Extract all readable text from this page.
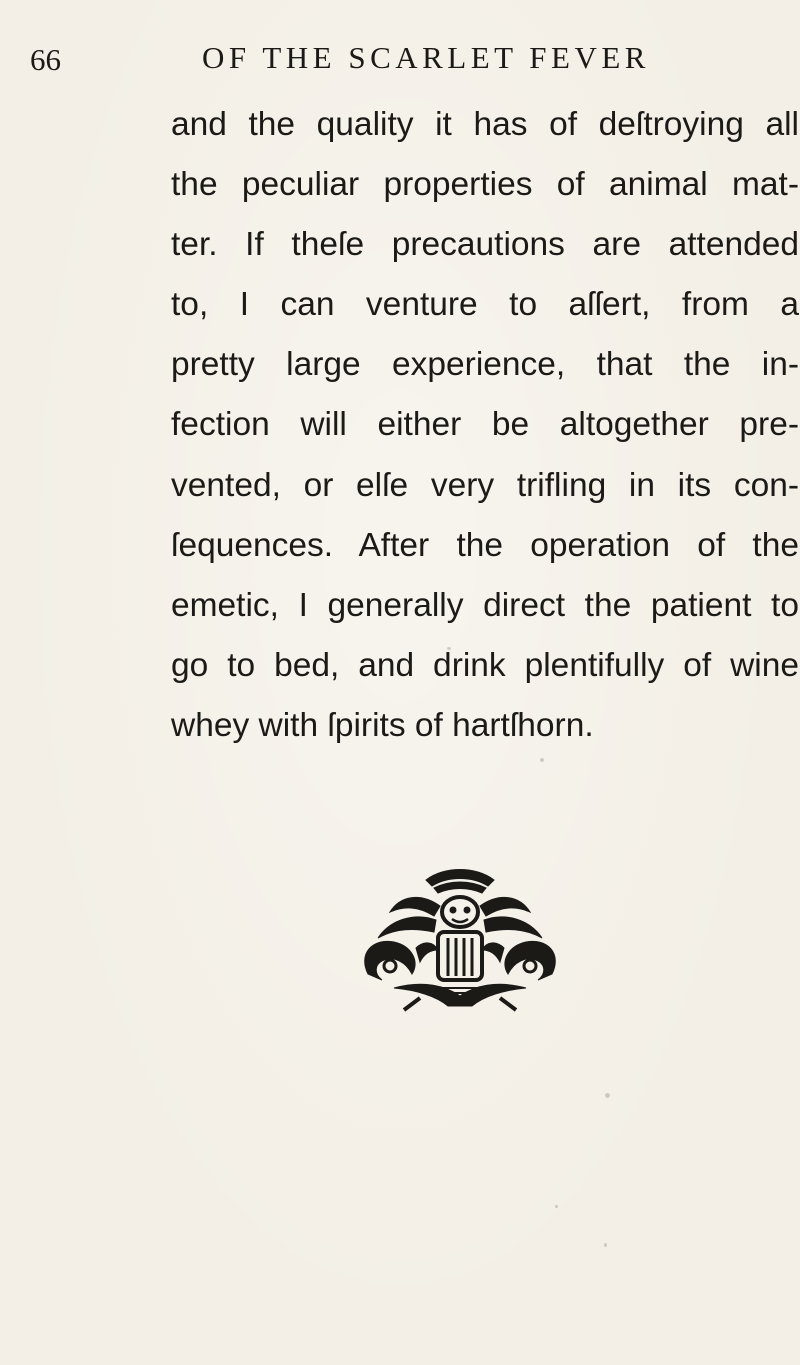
66	OF THE SCARLET FEVER
and the quality it has of deſtroying all
the peculiar properties of animal mat-
ter. If theſe precautions are attended
to, I can venture to aſſert, from a
pretty large experience, that the in-
fection will either be altogether pre-
vented, or elſe very trifling in its con-
ſequences. After the operation of the
emetic, I generally direct the patient to
go to bed, and drink plentifully of wine
whey with ſpirits of hartſhorn.
